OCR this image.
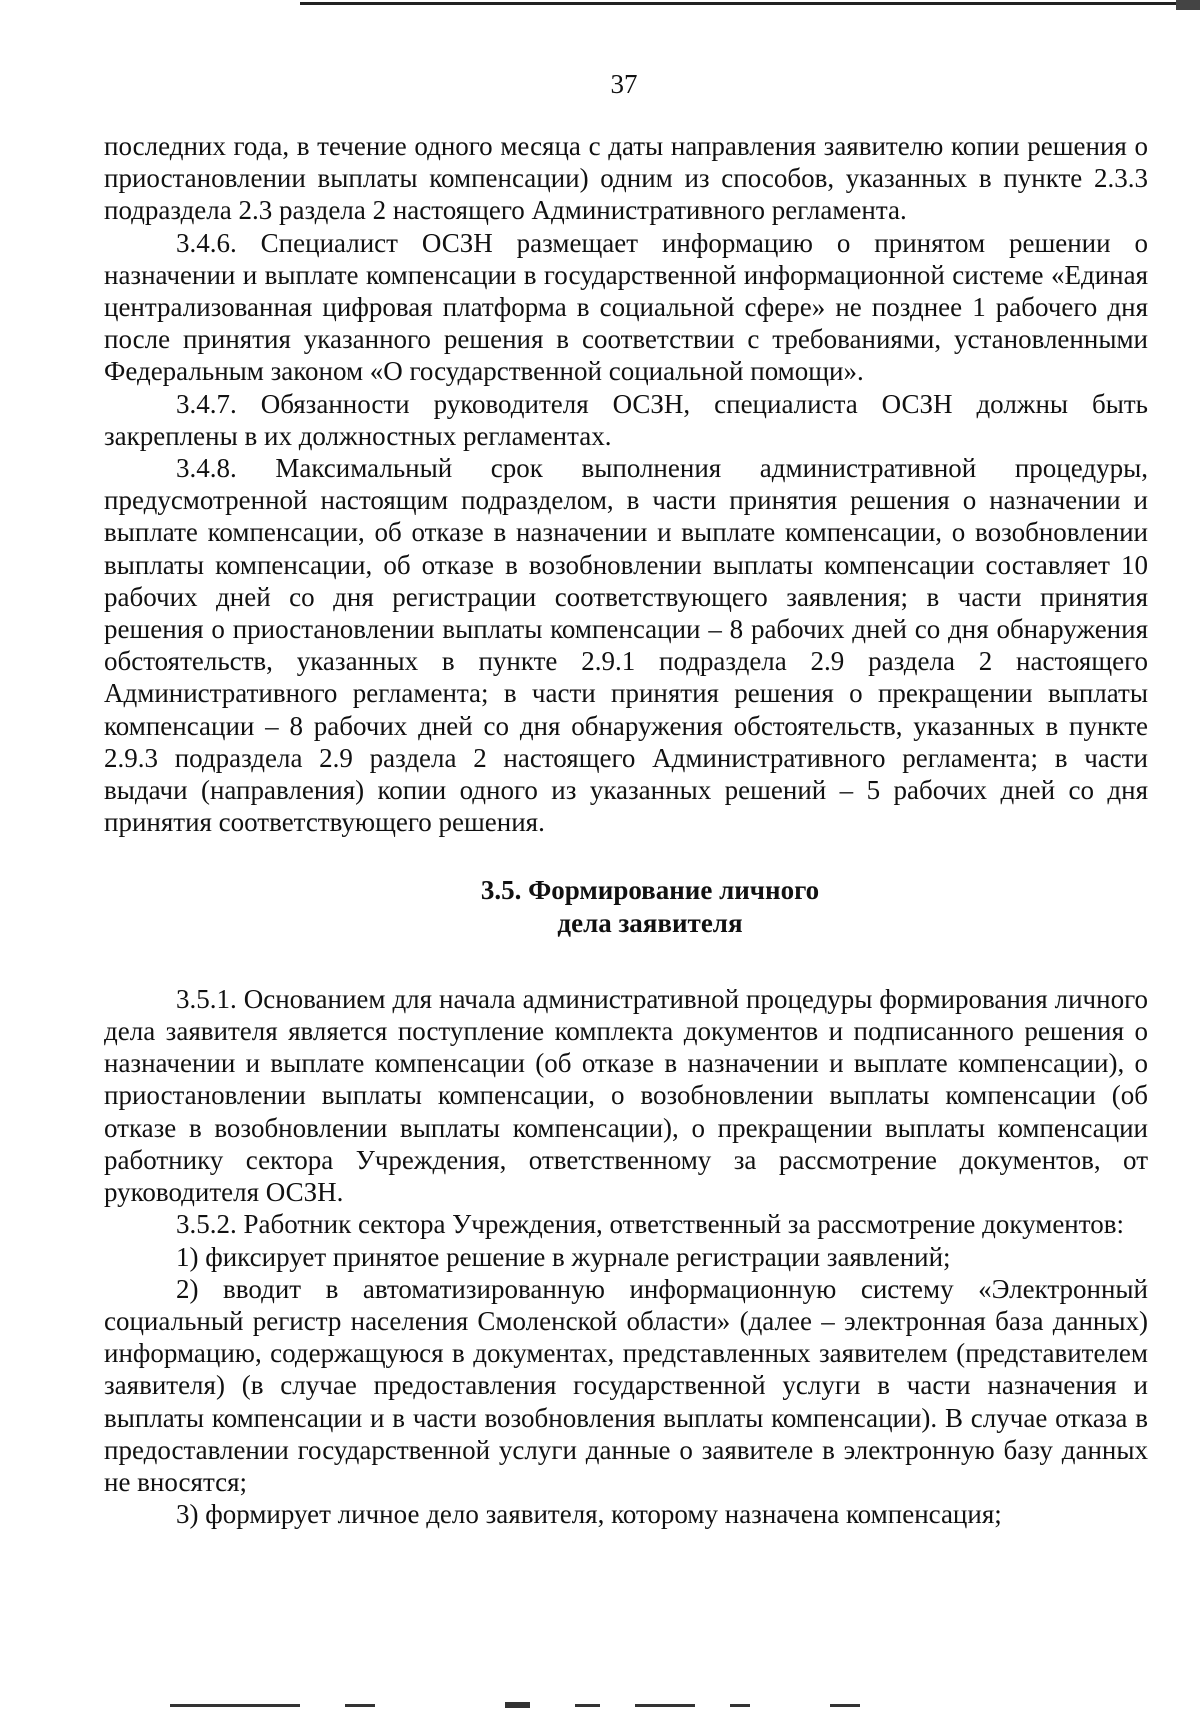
37

последних года, в течение одного месяца с даты направления заявителю копии решения о приостановлении выплаты компенсации) одним из способов, указанных в пункте 2.3.3 подраздела 2.3 раздела 2 настоящего Административного регламента.

3.4.6. Специалист ОСЗН размещает информацию о принятом решении о назначении и выплате компенсации в государственной информационной системе «Единая централизованная цифровая платформа в социальной сфере» не позднее 1 рабочего дня после принятия указанного решения в соответствии с требованиями, установленными Федеральным законом «О государственной социальной помощи».

3.4.7. Обязанности руководителя ОСЗН, специалиста ОСЗН должны быть закреплены в их должностных регламентах.

3.4.8. Максимальный срок выполнения административной процедуры, предусмотренной настоящим подразделом, в части принятия решения о назначении и выплате компенсации, об отказе в назначении и выплате компенсации, о возобновлении выплаты компенсации, об отказе в возобновлении выплаты компенсации составляет 10 рабочих дней со дня регистрации соответствующего заявления; в части принятия решения о приостановлении выплаты компенсации – 8 рабочих дней со дня обнаружения обстоятельств, указанных в пункте 2.9.1 подраздела 2.9 раздела 2 настоящего Административного регламента; в части принятия решения о прекращении выплаты компенсации – 8 рабочих дней со дня обнаружения обстоятельств, указанных в пункте 2.9.3 подраздела 2.9 раздела 2 настоящего Административного регламента; в части выдачи (направления) копии одного из указанных решений – 5 рабочих дней со дня принятия соответствующего решения.

3.5. Формирование личного
дела заявителя

3.5.1. Основанием для начала административной процедуры формирования личного дела заявителя является поступление комплекта документов и подписанного решения о назначении и выплате компенсации (об отказе в назначении и выплате компенсации), о приостановлении выплаты компенсации, о возобновлении выплаты компенсации (об отказе в возобновлении выплаты компенсации), о прекращении выплаты компенсации работнику сектора Учреждения, ответственному за рассмотрение документов, от руководителя ОСЗН.

3.5.2. Работник сектора Учреждения, ответственный за рассмотрение документов:

1) фиксирует принятое решение в журнале регистрации заявлений;

2) вводит в автоматизированную информационную систему «Электронный социальный регистр населения Смоленской области» (далее – электронная база данных) информацию, содержащуюся в документах, представленных заявителем (представителем заявителя) (в случае предоставления государственной услуги в части назначения и выплаты компенсации и в части возобновления выплаты компенсации). В случае отказа в предоставлении государственной услуги данные о заявителе в электронную базу данных не вносятся;

3) формирует личное дело заявителя, которому назначена компенсация;
